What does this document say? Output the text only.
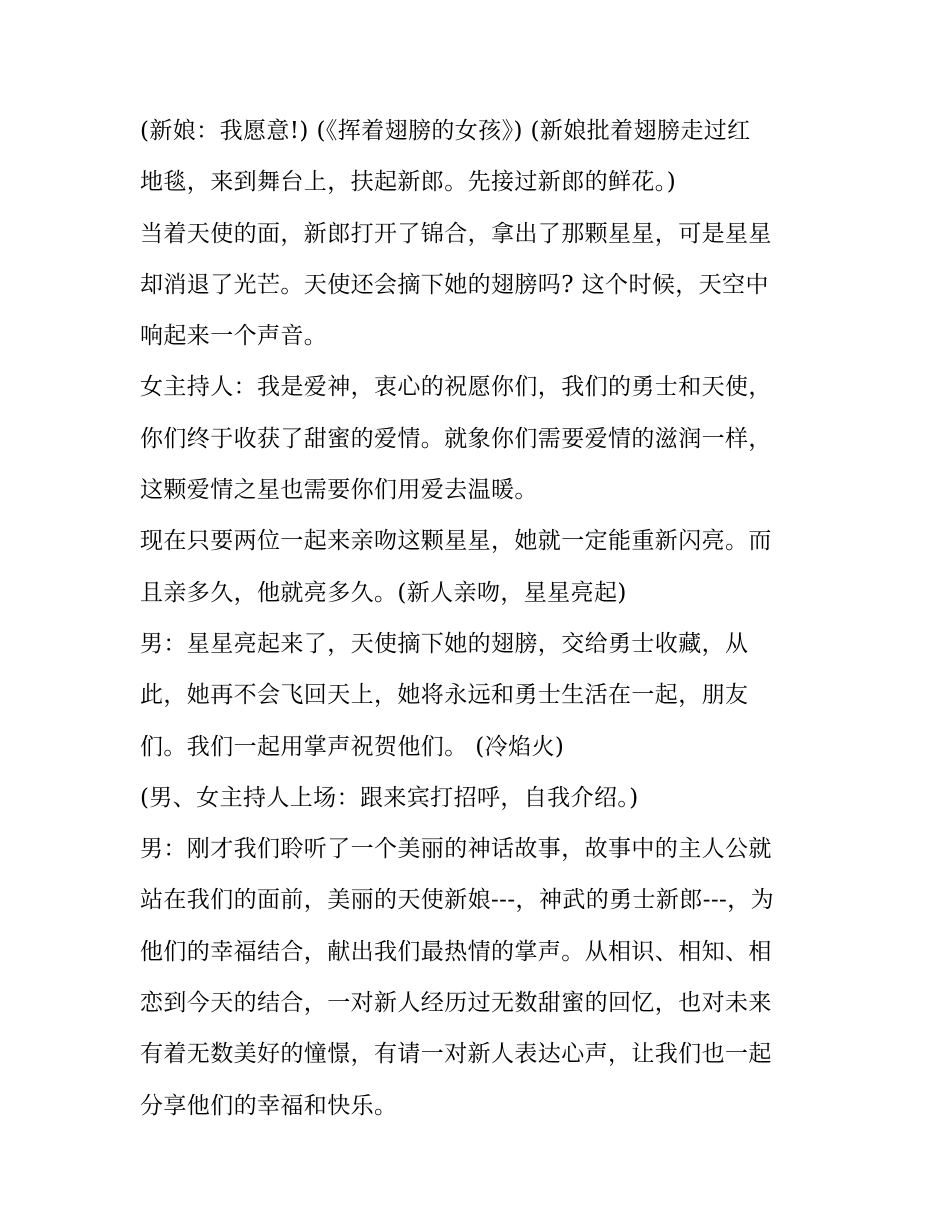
(新娘：我愿意!) (《挥着翅膀的女孩》) (新娘批着翅膀走过红
地毯，来到舞台上，扶起新郎。先接过新郎的鲜花。)

当着天使的面，新郎打开了锦合，拿出了那颗星星，可是星星
却消退了光芒。天使还会摘下她的翅膀吗? 这个时候，天空中
响起来一个声音。

女主持人：我是爱神，衷心的祝愿你们，我们的勇士和天使，
你们终于收获了甜蜜的爱情。就象你们需要爱情的滋润一样，
这颗爱情之星也需要你们用爱去温暖。

现在只要两位一起来亲吻这颗星星，她就一定能重新闪亮。而
且亲多久，他就亮多久。(新人亲吻，星星亮起)

男：星星亮起来了，天使摘下她的翅膀，交给勇士收藏，从
此，她再不会飞回天上，她将永远和勇士生活在一起，朋友
们。我们一起用掌声祝贺他们。 (冷焰火)

(男、女主持人上场：跟来宾打招呼，自我介绍。)

男：刚才我们聆听了一个美丽的神话故事，故事中的主人公就
站在我们的面前，美丽的天使新娘---，神武的勇士新郎---，为
他们的幸福结合，献出我们最热情的掌声。从相识、相知、相
恋到今天的结合，一对新人经历过无数甜蜜的回忆，也对未来
有着无数美好的憧憬，有请一对新人表达心声，让我们也一起
分享他们的幸福和快乐。
